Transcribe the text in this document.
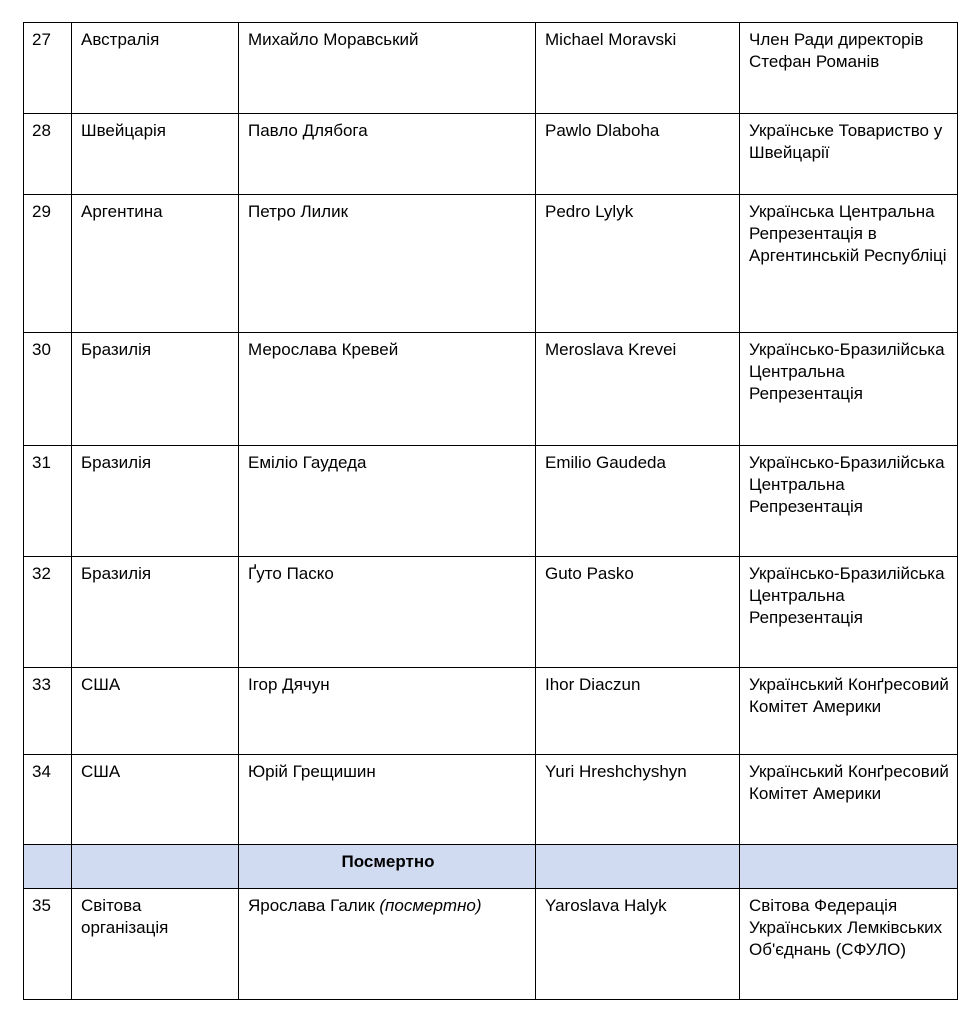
27	Австралія	Михайло Моравський	Michael Moravski	Член Ради директорів Стефан Романів
28	Швейцарія	Павло Длябога	Pawlo Dlaboha	Українське Товариство у Швейцарії
29	Аргентина	Петро Лилик	Pedro Lylyk	Українська Центральна Репрезентація в Аргентинській Республіці
30	Бразилія	Мерослава Кревей	Meroslava Krevei	Українсько-Бразилійська Центральна Репрезентація
31	Бразилія	Еміліо Гаудеда	Emilio Gaudeda	Українсько-Бразилійська Центральна Репрезентація
32	Бразилія	Ґуто Паско	Guto Pasko	Українсько-Бразилійська Центральна Репрезентація
33	США	Ігор Дячун	Ihor Diaczun	Український Конґресовий Комітет Америки
34	США	Юрій Грещишин	Yuri Hreshchyshyn	Український Конґресовий Комітет Америки
		Посмертно		
35	Світова організація	Ярослава Галик (посмертно)	Yaroslava Halyk	Світова Федерація Українських Лемківських Об'єднань (СФУЛО)
